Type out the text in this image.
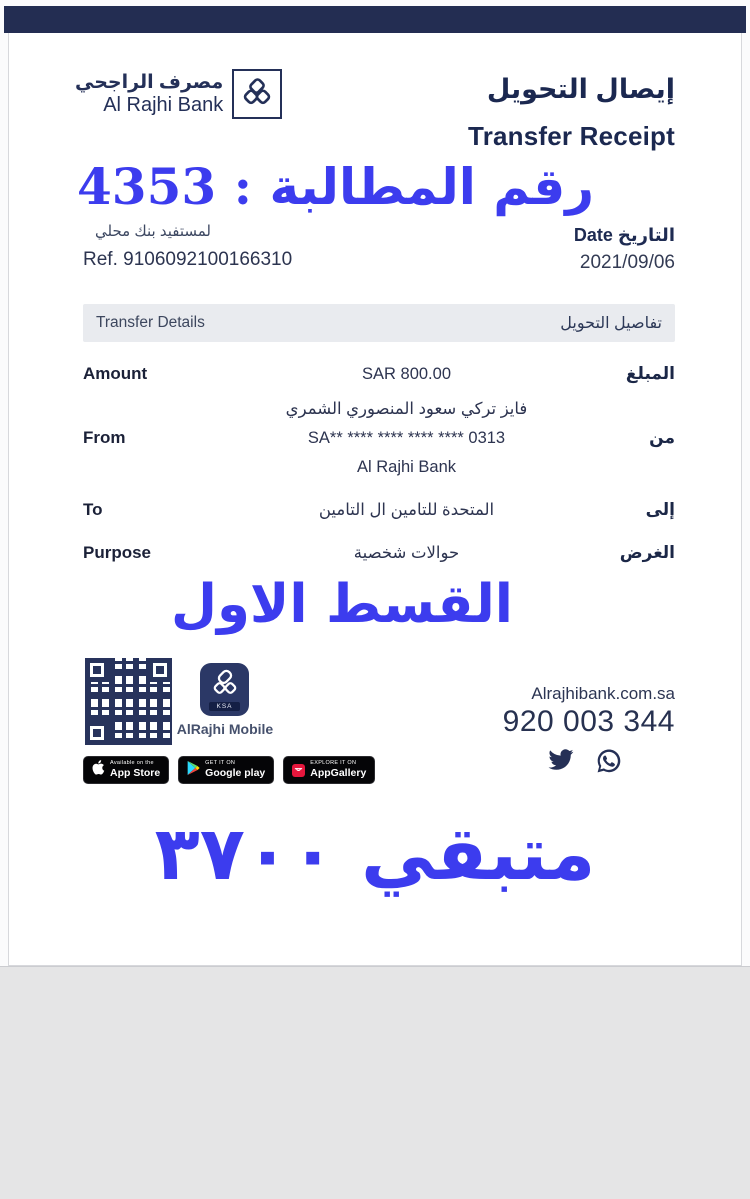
مصرف الراجحي
Al Rajhi Bank
إيصال التحويل
Transfer Receipt
رقم المطالبة : 4353
لمستفيد بنك محلي
Ref. 9106092100166310
التاريخ Date
2021/09/06
Transfer Details	تفاصيل التحويل
Amount	800.00 SAR	المبلغ
From
فايز تركي سعود المنصوري الشمري
SA** **** **** **** **** 0313
Al Rajhi Bank
من
To	المتحدة للتامين ال التامين	إلى
Purpose	حوالات شخصية	الغرض
القسط الاول
KSA
AlRajhi Mobile
Available on the
App Store
GET IT ON
Google play
EXPLORE IT ON
AppGallery
Alrajhibank.com.sa
920 003 344
متبقي ٣٧٠٠
